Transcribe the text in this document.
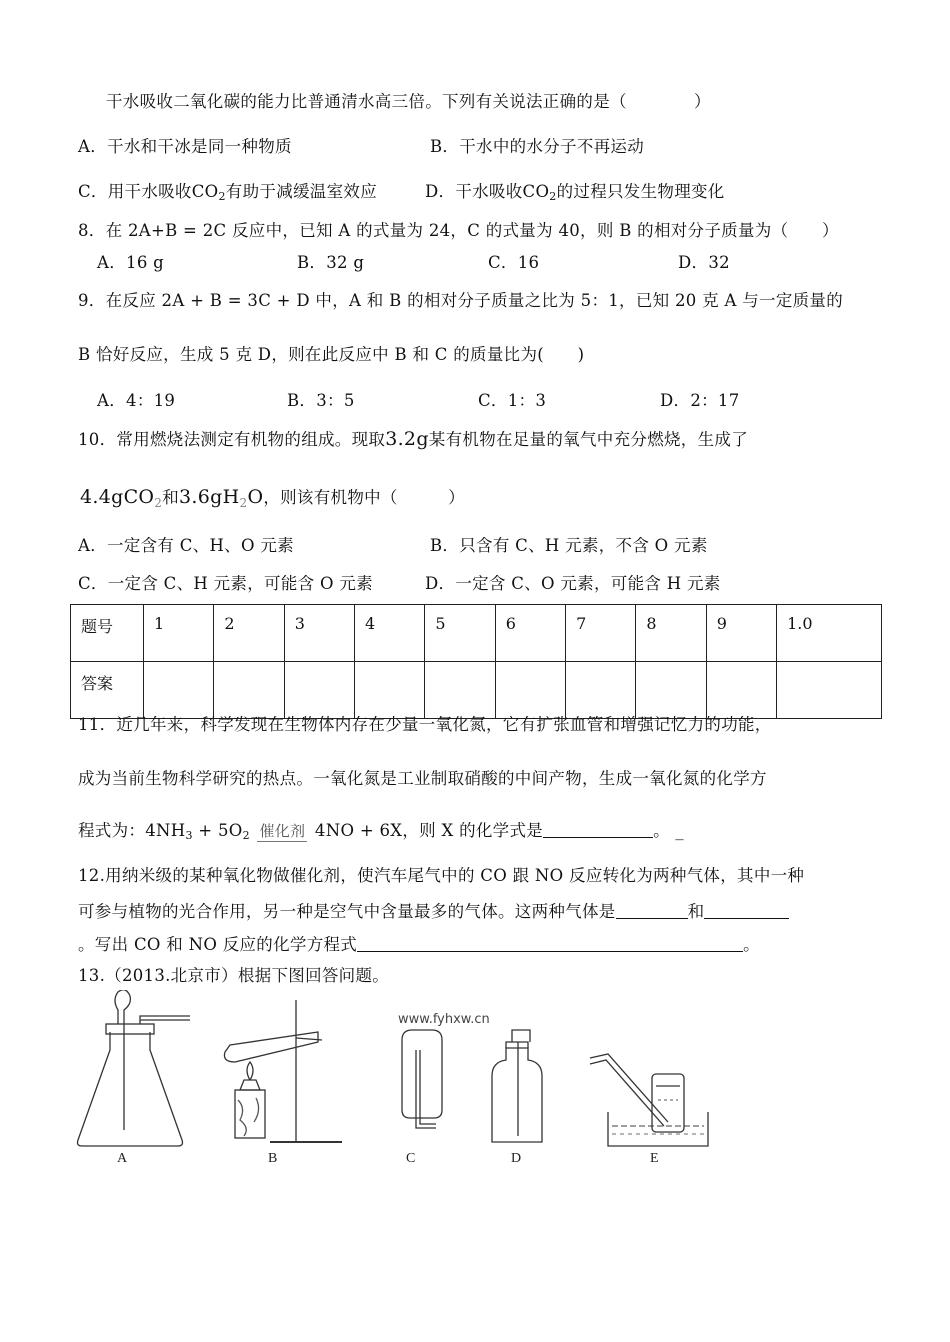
干水吸收二氧化碳的能力比普通清水高三倍。下列有关说法正确的是（　　　　）
A．干水和干冰是同一种物质	B．干水中的水分子不再运动
C．用干水吸收$CO_2$有助于减缓温室效应	D．干水吸收$CO_2$的过程只发生物理变化
8．在 2A+B = 2C 反应中，已知 A 的式量为 24，C 的式量为 40，则 B 的相对分子质量为（　　）
A．16 g	B．32 g	C．16	D．32
9．在反应 2A + B = 3C + D 中，A 和 B 的相对分子质量之比为 5：1，已知 20 克 A 与一定质量的
B 恰好反应，生成 5 克 D，则在此反应中 B 和 C 的质量比为(　　)
A．4：19	B．3：5	C．1：3	D．2：17
10．常用燃烧法测定有机物的组成。现取3.2g某有机物在足量的氧气中充分燃烧，生成了
4.4gCO$_2$和$3.6gH_2O$，则该有机物中（　　　）
A．一定含有 C、H、O 元素	B．只含有 C、H 元素，不含 O 元素
C．一定含 C、H 元素，可能含 O 元素	D．一定含 C、O 元素，可能含 H 元素
题号	1	2	3	4	5	6	7	8	9	1.0
答案										
11．近几年来，科学发现在生物体内存在少量一氧化氮，它有扩张血管和增强记忆力的功能，
成为当前生物科学研究的热点。一氧化氮是工业制取硝酸的中间产物，生成一氧化氮的化学方
程式为：$4NH_3 + 5O_2$ 催化剂 4NO + 6X，则 X 的化学式是	。 _
12.用纳米级的某种氧化物做催化剂，使汽车尾气中的 CO 跟 NO 反应转化为两种气体，其中一种
可参与植物的光合作用，另一种是空气中含量最多的气体。这两种气体是	和
。写出 CO 和 NO 反应的化学方程式	。
13.（2013.北京市）根据下图回答问题。
www.fyhxw.cn
A	B	C	D	E
